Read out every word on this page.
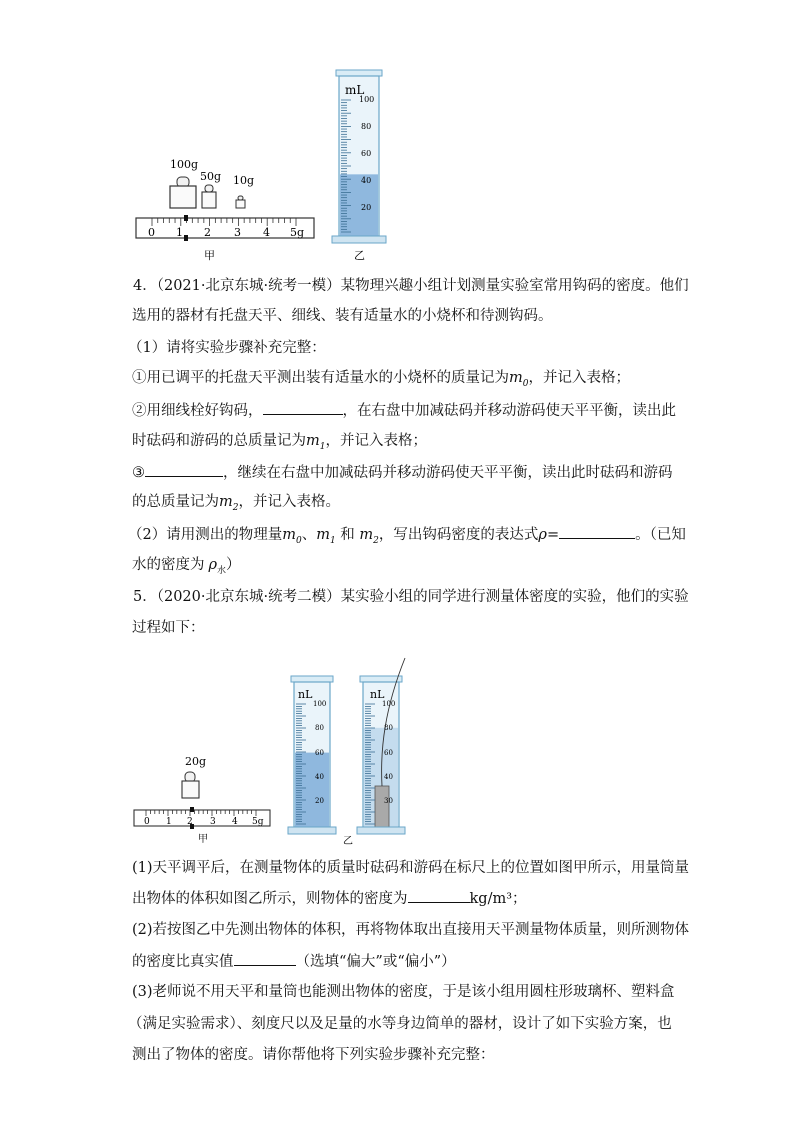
100g
50g 10g
0 1 2 3 4 5g
甲
mL
100
80
60
40
20
乙
4．（2021·北京东城·统考一模）某物理兴趣小组计划测量实验室常用钩码的密度。他们
选用的器材有托盘天平、细线、装有适量水的小烧杯和待测钩码。
（1）请将实验步骤补充完整：
①用已调平的托盘天平测出装有适量水的小烧杯的质量记为$m_0$，并记入表格；
②用细线栓好钩码，	，在右盘中加减砝码并移动游码使天平平衡，读出此
时砝码和游码的总质量记为$m_1$，并记入表格；
③	，继续在右盘中加减砝码并移动游码使天平平衡，读出此时砝码和游码
的总质量记为$m_2$，并记入表格。
（2）请用测出的物理量$m_0$、$m_1$ 和 $m_2$，写出钩码密度的表达式ρ=	。（已知
水的密度为 $\rho_水$）
5．（2020·北京东城·统考二模）某实验小组的同学进行测量体密度的实验，他们的实验
过程如下：
20g
0 1 2 3 4 5g
甲
nL
100
80
60
40
20
nL
100
80
60
40
30
乙
(1)天平调平后，在测量物体的质量时砝码和游码在标尺上的位置如图甲所示，用量筒量
出物体的体积如图乙所示，则物体的密度为	kg/m³；
(2)若按图乙中先测出物体的体积，再将物体取出直接用天平测量物体质量，则所测物体
的密度比真实值	（选填“偏大”或“偏小”）
(3)老师说不用天平和量筒也能测出物体的密度，于是该小组用圆柱形玻璃杯、塑料盒
（满足实验需求）、刻度尺以及足量的水等身边简单的器材，设计了如下实验方案，也
测出了物体的密度。请你帮他将下列实验步骤补充完整：
